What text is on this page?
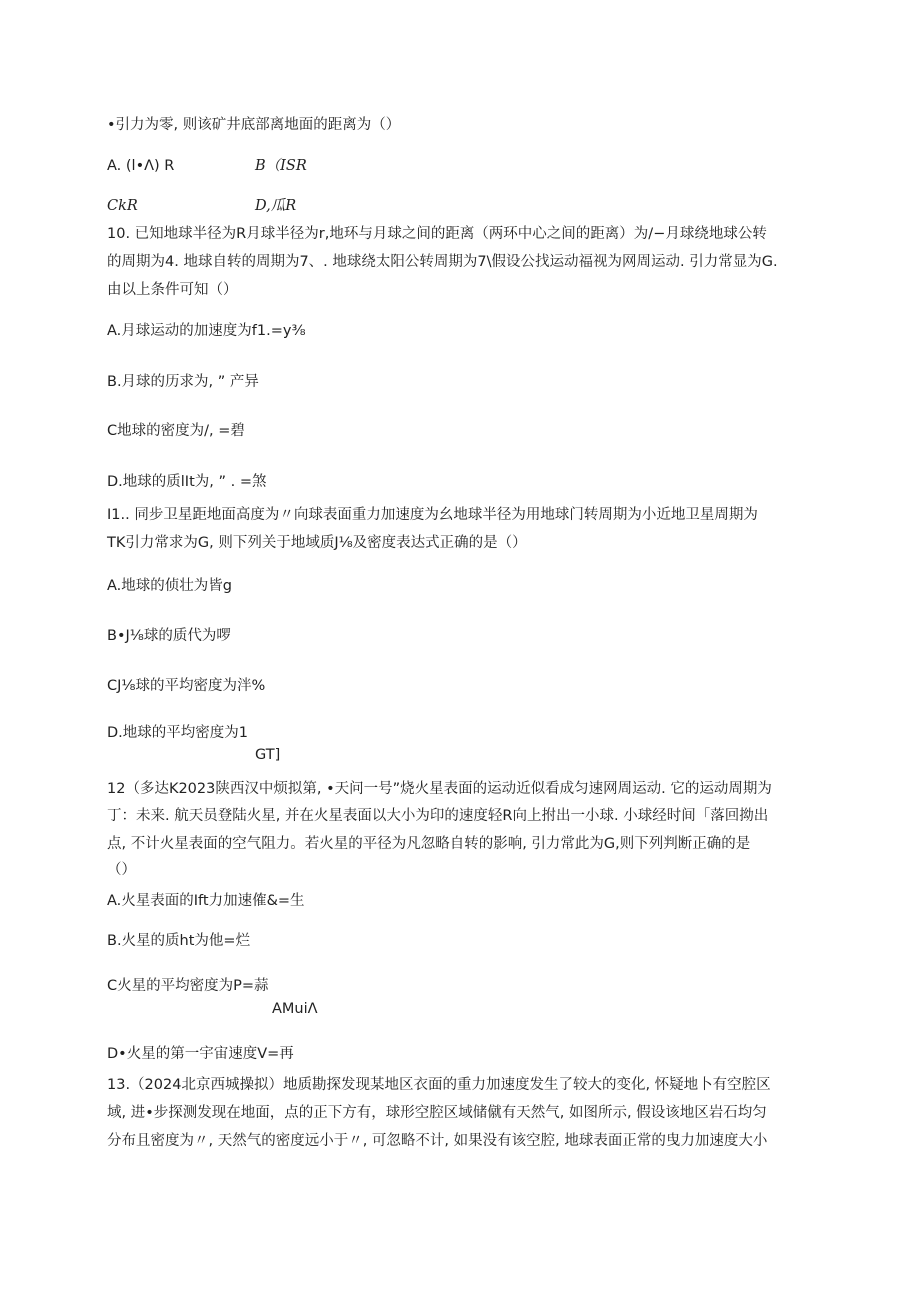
•引力为零, 则该矿井底部离地面的距离为（）
A. (l•Λ) R	B（ISR
CkR	D,瓜R
10. 已知地球半径为R月球半径为r,地环与月球之间的距离（两环中心之间的距离）为/−月球绕地球公转
的周期为4. 地球自转的周期为7、. 地球绕太阳公转周期为7\假设公找运动福视为网周运动. 引力常显为G.
由以上条件可知（）
A.月球运动的加速度为f1.=y⅜
B.月球的历求为, ” 产异
C地球的密度为/, =碧
D.地球的质lIt为, ” . =煞
I1.. 同步卫星距地面高度为〃向球表面重力加速度为幺地球半径为用地球门转周期为小近地卫星周期为
TK引力常求为G, 则下列关于地域质J⅛及密度表达式正确的是（）
A.地球的侦壮为皆g
B•J⅛球的质代为啰
CJ⅛球的平均密度为泮%
D.地球的平均密度为1
GT]
12（多达K2023陕西汉中烦拟第, •天问一号”烧火星表面的运动近似看成匀速网周运动. 它的运动周期为
丁：未来. 航天员登陆火星, 并在火星表面以大小为印的速度轻R向上拊出一小球. 小球经时间「落回拗出
点, 不计火星表面的空气阻力。若火星的平径为凡忽略自转的影响, 引力常此为G,则下列判断正确的是
（）
A.火星表面的Ift力加速傕&=生
B.火星的质ht为他=烂
C火星的平均密度为P=蒜
AMuiΛ
D•火星的第一宇宙速度V=再
13.（2024北京西城操拟）地质勘探发现某地区衣面的重力加速度发生了较大的变化, 怀疑地卜有空腔区
域, 进•步探测发现在地面，点的正下方有，球形空腔区域储僦有天然气, 如图所示, 假设该地区岩石均匀
分布且密度为〃, 天然气的密度远小于〃, 可忽略不计, 如果没有该空腔, 地球表面正常的曳力加速度大小
